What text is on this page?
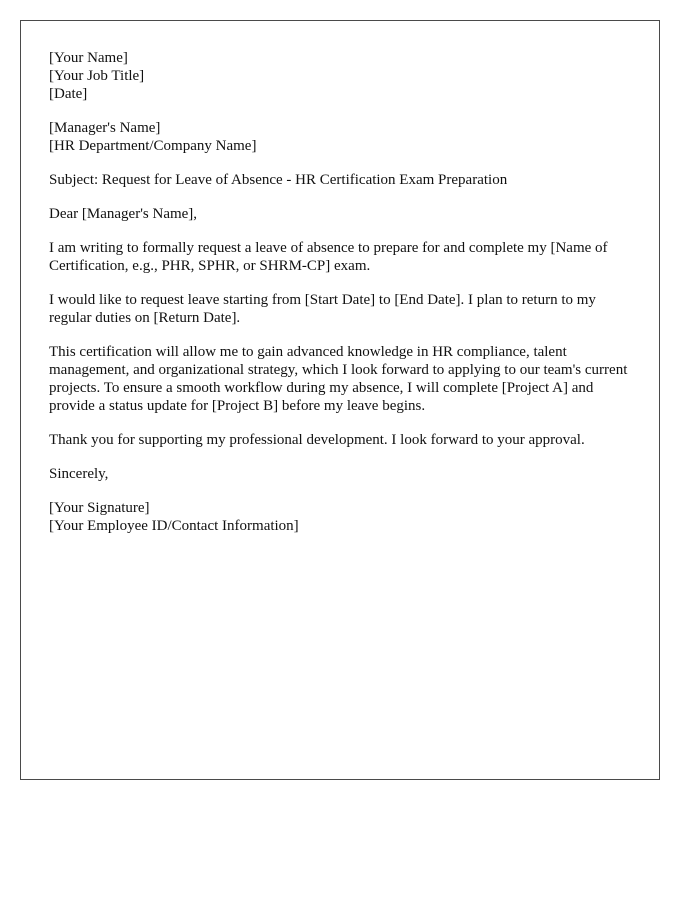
[Your Name]
[Your Job Title]
[Date]
[Manager's Name]
[HR Department/Company Name]

Subject: Request for Leave of Absence - HR Certification Exam Preparation

Dear [Manager's Name],

I am writing to formally request a leave of absence to prepare for and complete my [Name of Certification, e.g., PHR, SPHR, or SHRM-CP] exam.

I would like to request leave starting from [Start Date] to [End Date]. I plan to return to my regular duties on [Return Date].

This certification will allow me to gain advanced knowledge in HR compliance, talent management, and organizational strategy, which I look forward to applying to our team's current projects. To ensure a smooth workflow during my absence, I will complete [Project A] and provide a status update for [Project B] before my leave begins.

Thank you for supporting my professional development. I look forward to your approval.

Sincerely,

[Your Signature]
[Your Employee ID/Contact Information]
